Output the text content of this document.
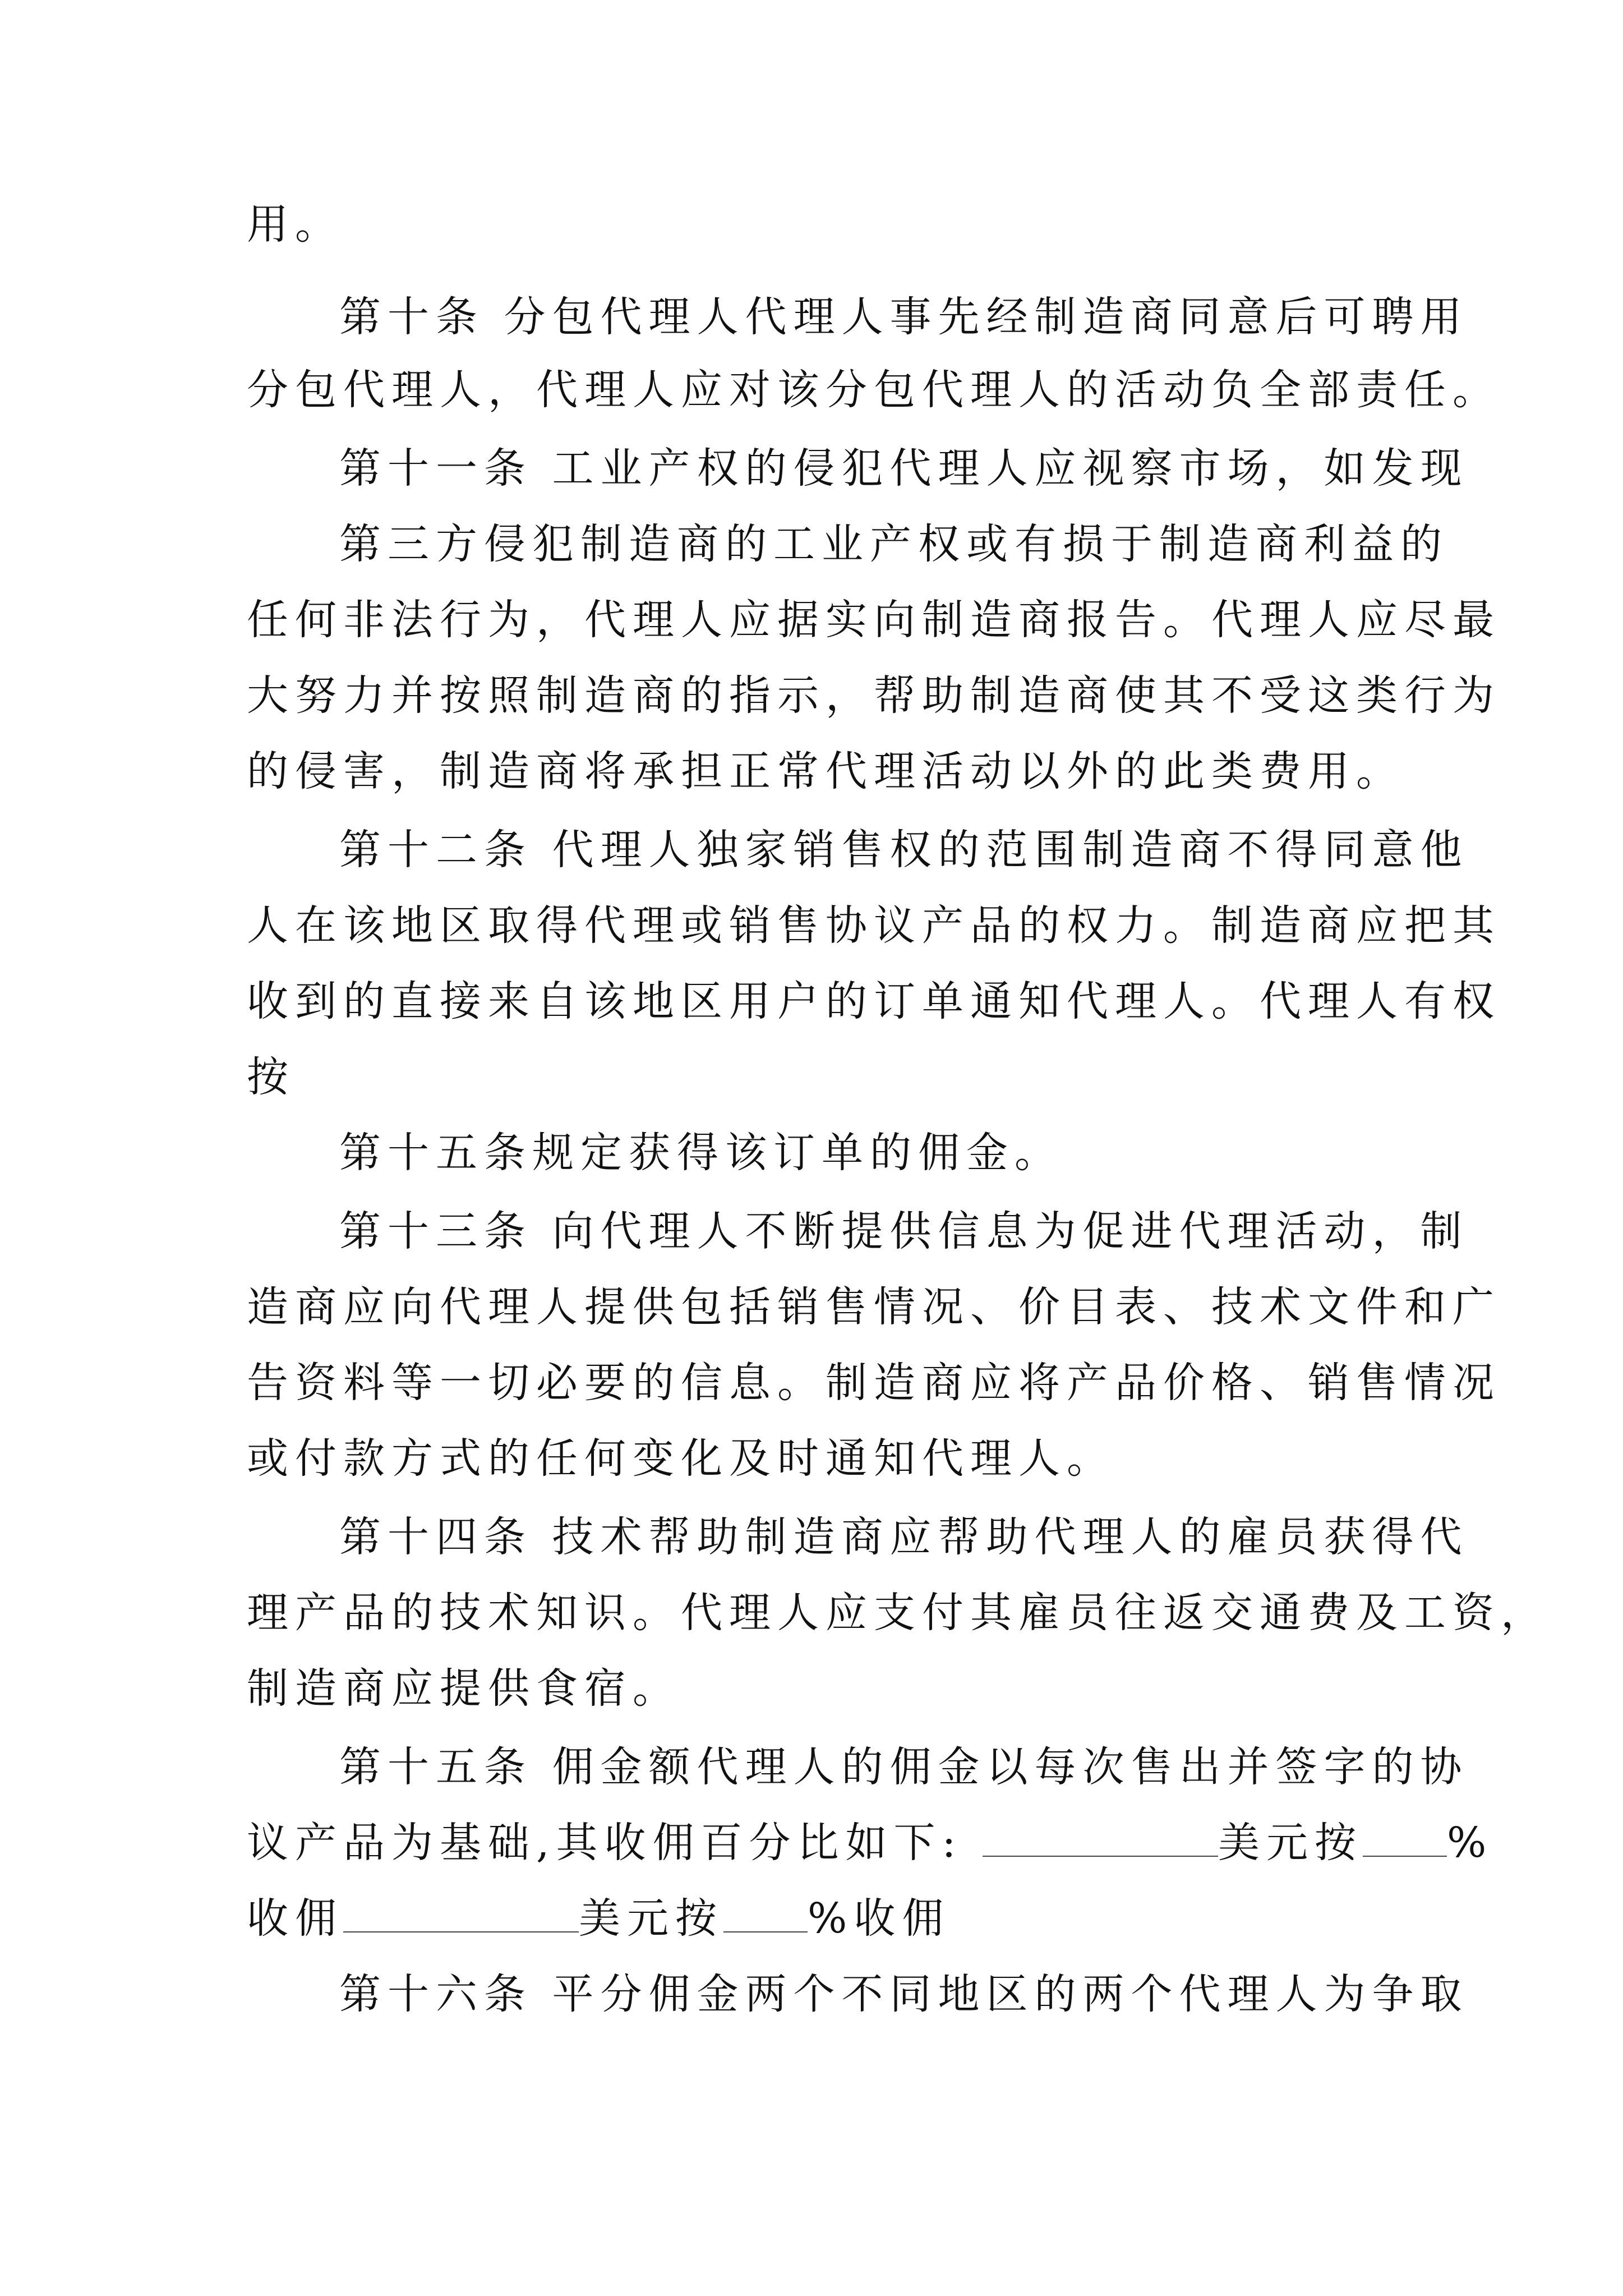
用。
第十条 分包代理人代理人事先经制造商同意后可聘用
分包代理人，代理人应对该分包代理人的活动负全部责任。
第十一条 工业产权的侵犯代理人应视察市场，如发现
第三方侵犯制造商的工业产权或有损于制造商利益的
任何非法行为，代理人应据实向制造商报告。代理人应尽最
大努力并按照制造商的指示，帮助制造商使其不受这类行为
的侵害，制造商将承担正常代理活动以外的此类费用。
第十二条 代理人独家销售权的范围制造商不得同意他
人在该地区取得代理或销售协议产品的权力。制造商应把其
收到的直接来自该地区用户的订单通知代理人。代理人有权
按
第十五条规定获得该订单的佣金。
第十三条 向代理人不断提供信息为促进代理活动，制
造商应向代理人提供包括销售情况、价目表、技术文件和广
告资料等一切必要的信息。制造商应将产品价格、销售情况
或付款方式的任何变化及时通知代理人。
第十四条 技术帮助制造商应帮助代理人的雇员获得代
理产品的技术知识。代理人应支付其雇员往返交通费及工资，
制造商应提供食宿。
第十五条 佣金额代理人的佣金以每次售出并签字的协
议产品为基础,其收佣百分比如下:	美元按 %
收佣	美元按 %收佣
第十六条 平分佣金两个不同地区的两个代理人为争取
